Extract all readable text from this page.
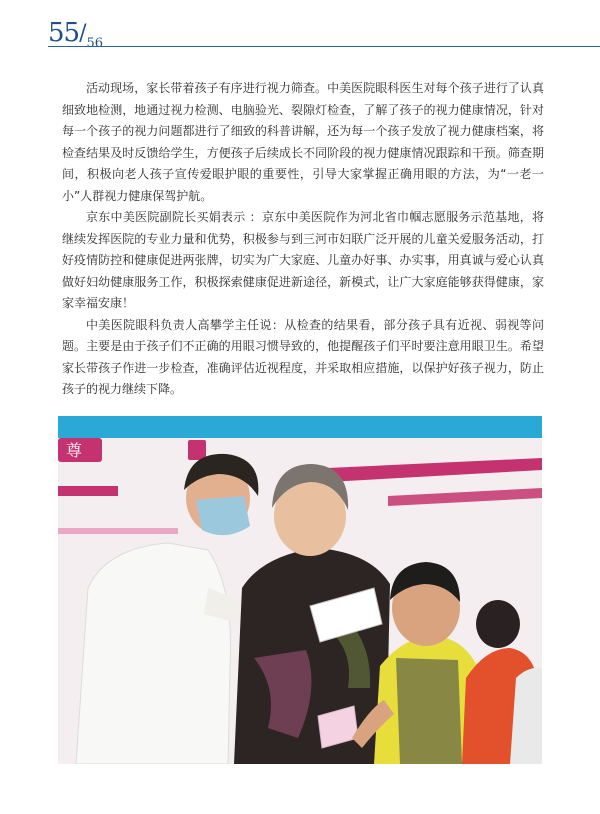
$55/_{56}$

活动现场，家长带着孩子有序进行视力筛查。中美医院眼科医生对每个孩子进行了认真细致地检测，地通过视力检测、电脑验光、裂隙灯检查，了解了孩子的视力健康情况，针对每一个孩子的视力问题都进行了细致的科普讲解，还为每一个孩子发放了视力健康档案，将检查结果及时反馈给学生，方便孩子后续成长不同阶段的视力健康情况跟踪和干预。筛查期间，积极向老人孩子宣传爱眼护眼的重要性，引导大家掌握正确用眼的方法，为“一老一小”人群视力健康保驾护航。

京东中美医院副院长买娟表示 ：京东中美医院作为河北省巾帼志愿服务示范基地，将继续发挥医院的专业力量和优势，积极参与到三河市妇联广泛开展的儿童关爱服务活动，打好疫情防控和健康促进两张牌，切实为广大家庭、儿童办好事、办实事，用真诚与爱心认真做好妇幼健康服务工作，积极探索健康促进新途径，新模式，让广大家庭能够获得健康，家家幸福安康！

中美医院眼科负责人高攀学主任说：从检查的结果看，部分孩子具有近视、弱视等问题。主要是由于孩子们不正确的用眼习惯导致的，他提醒孩子们平时要注意用眼卫生。希望家长带孩子作进一步检查，准确评估近视程度，并采取相应措施，以保护好孩子视力，防止孩子的视力继续下降。

尊
